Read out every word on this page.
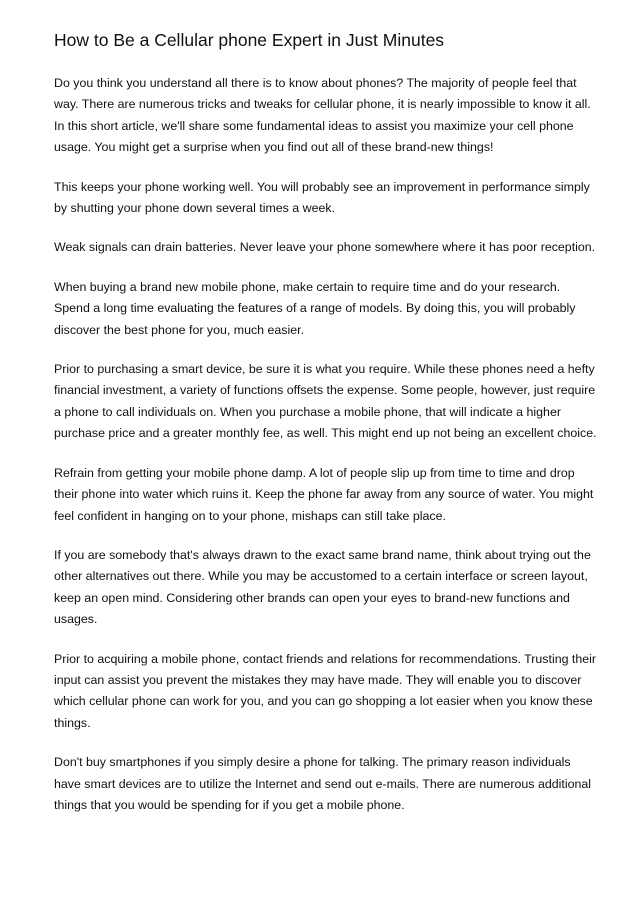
How to Be a Cellular phone Expert in Just Minutes

Do you think you understand all there is to know about phones? The majority of people feel that way. There are numerous tricks and tweaks for cellular phone, it is nearly impossible to know it all. In this short article, we'll share some fundamental ideas to assist you maximize your cell phone usage. You might get a surprise when you find out all of these brand-new things!

This keeps your phone working well. You will probably see an improvement in performance simply by shutting your phone down several times a week.

Weak signals can drain batteries. Never leave your phone somewhere where it has poor reception.

When buying a brand new mobile phone, make certain to require time and do your research. Spend a long time evaluating the features of a range of models. By doing this, you will probably discover the best phone for you, much easier.

Prior to purchasing a smart device, be sure it is what you require. While these phones need a hefty financial investment, a variety of functions offsets the expense. Some people, however, just require a phone to call individuals on. When you purchase a mobile phone, that will indicate a higher purchase price and a greater monthly fee, as well. This might end up not being an excellent choice.

Refrain from getting your mobile phone damp. A lot of people slip up from time to time and drop their phone into water which ruins it. Keep the phone far away from any source of water. You might feel confident in hanging on to your phone, mishaps can still take place.

If you are somebody that's always drawn to the exact same brand name, think about trying out the other alternatives out there. While you may be accustomed to a certain interface or screen layout, keep an open mind. Considering other brands can open your eyes to brand-new functions and usages.

Prior to acquiring a mobile phone, contact friends and relations for recommendations. Trusting their input can assist you prevent the mistakes they may have made. They will enable you to discover which cellular phone can work for you, and you can go shopping a lot easier when you know these things.

Don't buy smartphones if you simply desire a phone for talking. The primary reason individuals have smart devices are to utilize the Internet and send out e-mails. There are numerous additional things that you would be spending for if you get a mobile phone.
